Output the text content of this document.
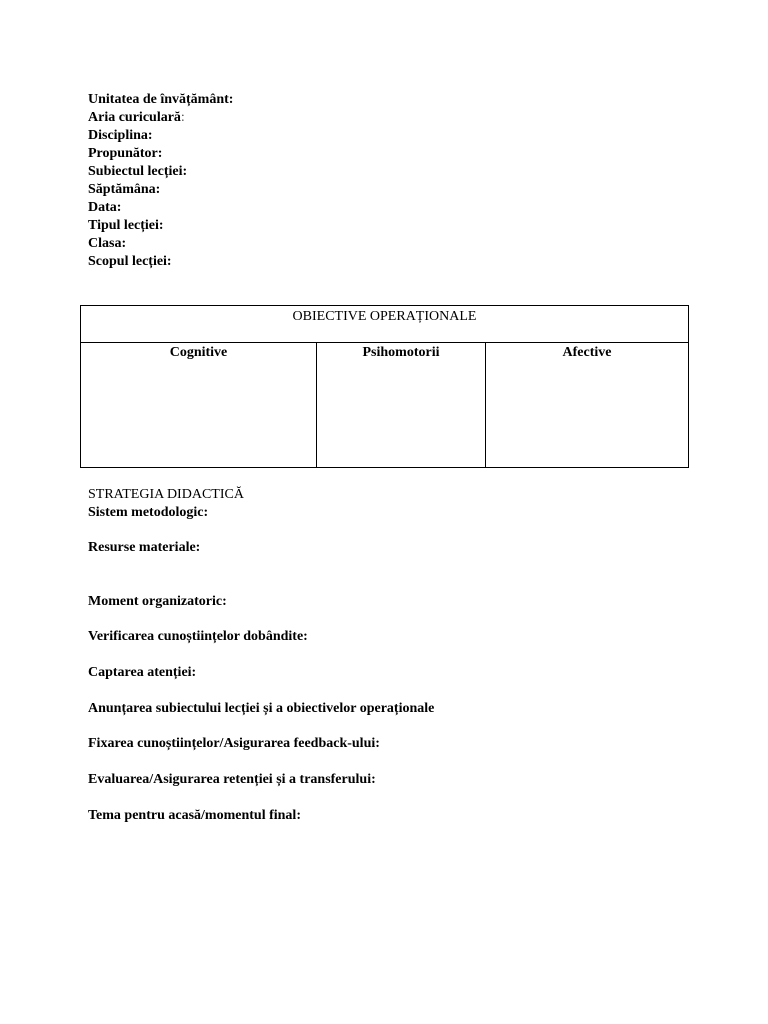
Unitatea de învățământ:
Aria curiculară:
Disciplina:
Propunător:
Subiectul lecției:
Săptămâna:
Data:
Tipul lecției:
Clasa:
Scopul lecției:
OBIECTIVE OPERAȚIONALE
Cognitive	Psihomotorii	Afective
STRATEGIA DIDACTICĂ
Sistem metodologic:
Resurse materiale:
Moment organizatoric:
Verificarea cunoștiințelor dobândite:
Captarea atenției:
Anunțarea subiectului lecției și a obiectivelor operaționale
Fixarea cunoștiințelor/Asigurarea feedback-ului:
Evaluarea/Asigurarea retenției și a transferului:
Tema pentru acasă/momentul final:
